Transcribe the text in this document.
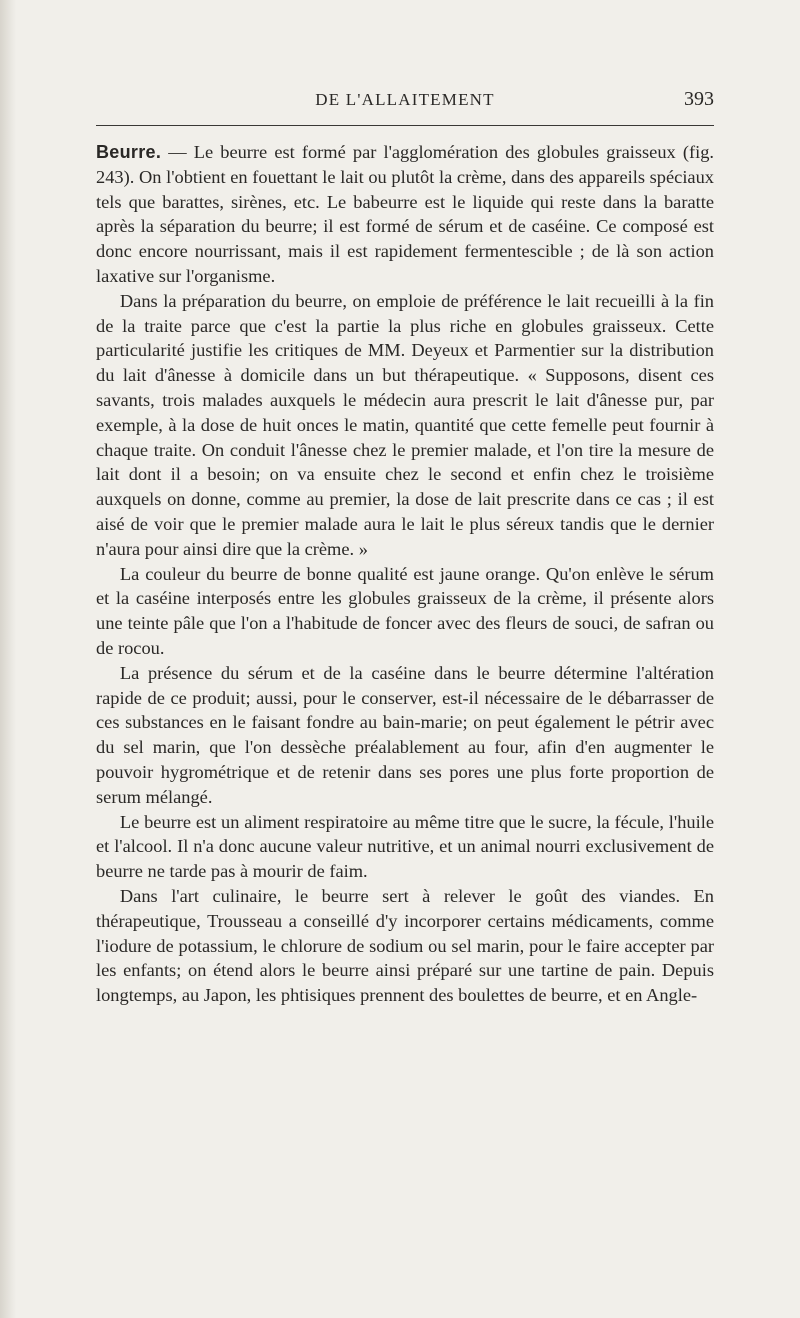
DE L'ALLAITEMENT	393

Beurre. — Le beurre est formé par l'agglomération des globules graisseux (fig. 243). On l'obtient en fouettant le lait ou plutôt la crème, dans des appareils spéciaux tels que barattes, sirènes, etc. Le babeurre est le liquide qui reste dans la baratte après la séparation du beurre; il est formé de sérum et de caséine. Ce composé est donc encore nourrissant, mais il est rapidement fermentescible ; de là son action laxative sur l'organisme.

Dans la préparation du beurre, on emploie de préférence le lait recueilli à la fin de la traite parce que c'est la partie la plus riche en globules graisseux. Cette particularité justifie les critiques de MM. Deyeux et Parmentier sur la distribution du lait d'ânesse à domicile dans un but thérapeutique. « Supposons, disent ces savants, trois malades auxquels le médecin aura prescrit le lait d'ânesse pur, par exemple, à la dose de huit onces le matin, quantité que cette femelle peut fournir à chaque traite. On conduit l'ânesse chez le premier malade, et l'on tire la mesure de lait dont il a besoin; on va ensuite chez le second et enfin chez le troisième auxquels on donne, comme au premier, la dose de lait prescrite dans ce cas ; il est aisé de voir que le premier malade aura le lait le plus séreux tandis que le dernier n'aura pour ainsi dire que la crème. »

La couleur du beurre de bonne qualité est jaune orange. Qu'on enlève le sérum et la caséine interposés entre les globules graisseux de la crème, il présente alors une teinte pâle que l'on a l'habitude de foncer avec des fleurs de souci, de safran ou de rocou.

La présence du sérum et de la caséine dans le beurre détermine l'altération rapide de ce produit; aussi, pour le conserver, est-il nécessaire de le débarrasser de ces substances en le faisant fondre au bain-marie; on peut également le pétrir avec du sel marin, que l'on dessèche préalablement au four, afin d'en augmenter le pouvoir hygrométrique et de retenir dans ses pores une plus forte proportion de serum mélangé.

Le beurre est un aliment respiratoire au même titre que le sucre, la fécule, l'huile et l'alcool. Il n'a donc aucune valeur nutritive, et un animal nourri exclusivement de beurre ne tarde pas à mourir de faim.

Dans l'art culinaire, le beurre sert à relever le goût des viandes. En thérapeutique, Trousseau a conseillé d'y incorporer certains médicaments, comme l'iodure de potassium, le chlorure de sodium ou sel marin, pour le faire accepter par les enfants; on étend alors le beurre ainsi préparé sur une tartine de pain. Depuis longtemps, au Japon, les phtisiques prennent des boulettes de beurre, et en Angle-
